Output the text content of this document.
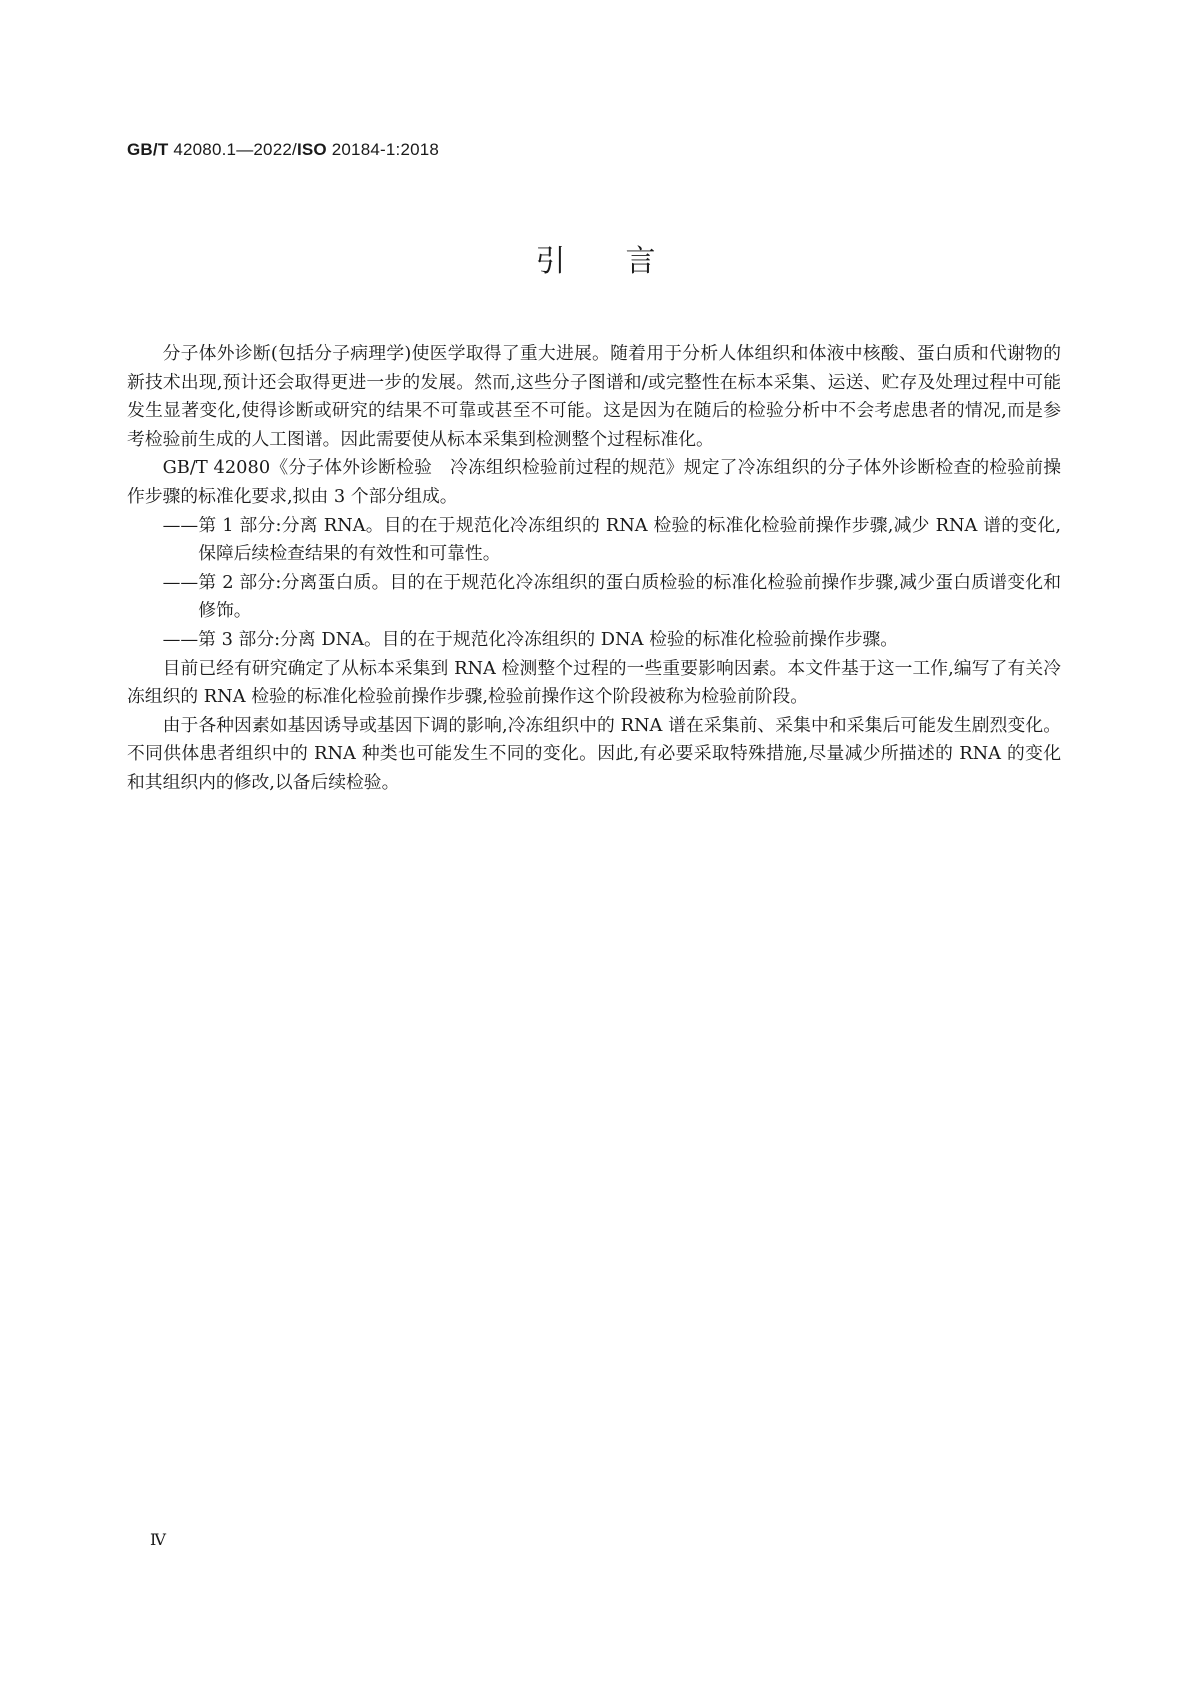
GB/T 42080.1—2022/ISO 20184-1:2018
引言

分子体外诊断(包括分子病理学)使医学取得了重大进展。随着用于分析人体组织和体液中核酸、蛋白质和代谢物的新技术出现,预计还会取得更进一步的发展。然而,这些分子图谱和/或完整性在标本采集、运送、贮存及处理过程中可能发生显著变化,使得诊断或研究的结果不可靠或甚至不可能。这是因为在随后的检验分析中不会考虑患者的情况,而是参考检验前生成的人工图谱。因此需要使从标本采集到检测整个过程标准化。

GB/T 42080《分子体外诊断检验　冷冻组织检验前过程的规范》规定了冷冻组织的分子体外诊断检查的检验前操作步骤的标准化要求,拟由 3 个部分组成。

——第 1 部分:分离 RNA。目的在于规范化冷冻组织的 RNA 检验的标准化检验前操作步骤,减少 RNA 谱的变化,保障后续检查结果的有效性和可靠性。

——第 2 部分:分离蛋白质。目的在于规范化冷冻组织的蛋白质检验的标准化检验前操作步骤,减少蛋白质谱变化和修饰。

——第 3 部分:分离 DNA。目的在于规范化冷冻组织的 DNA 检验的标准化检验前操作步骤。

目前已经有研究确定了从标本采集到 RNA 检测整个过程的一些重要影响因素。本文件基于这一工作,编写了有关冷冻组织的 RNA 检验的标准化检验前操作步骤,检验前操作这个阶段被称为检验前阶段。

由于各种因素如基因诱导或基因下调的影响,冷冻组织中的 RNA 谱在采集前、采集中和采集后可能发生剧烈变化。不同供体患者组织中的 RNA 种类也可能发生不同的变化。因此,有必要采取特殊措施,尽量减少所描述的 RNA 的变化和其组织内的修改,以备后续检验。

Ⅳ
